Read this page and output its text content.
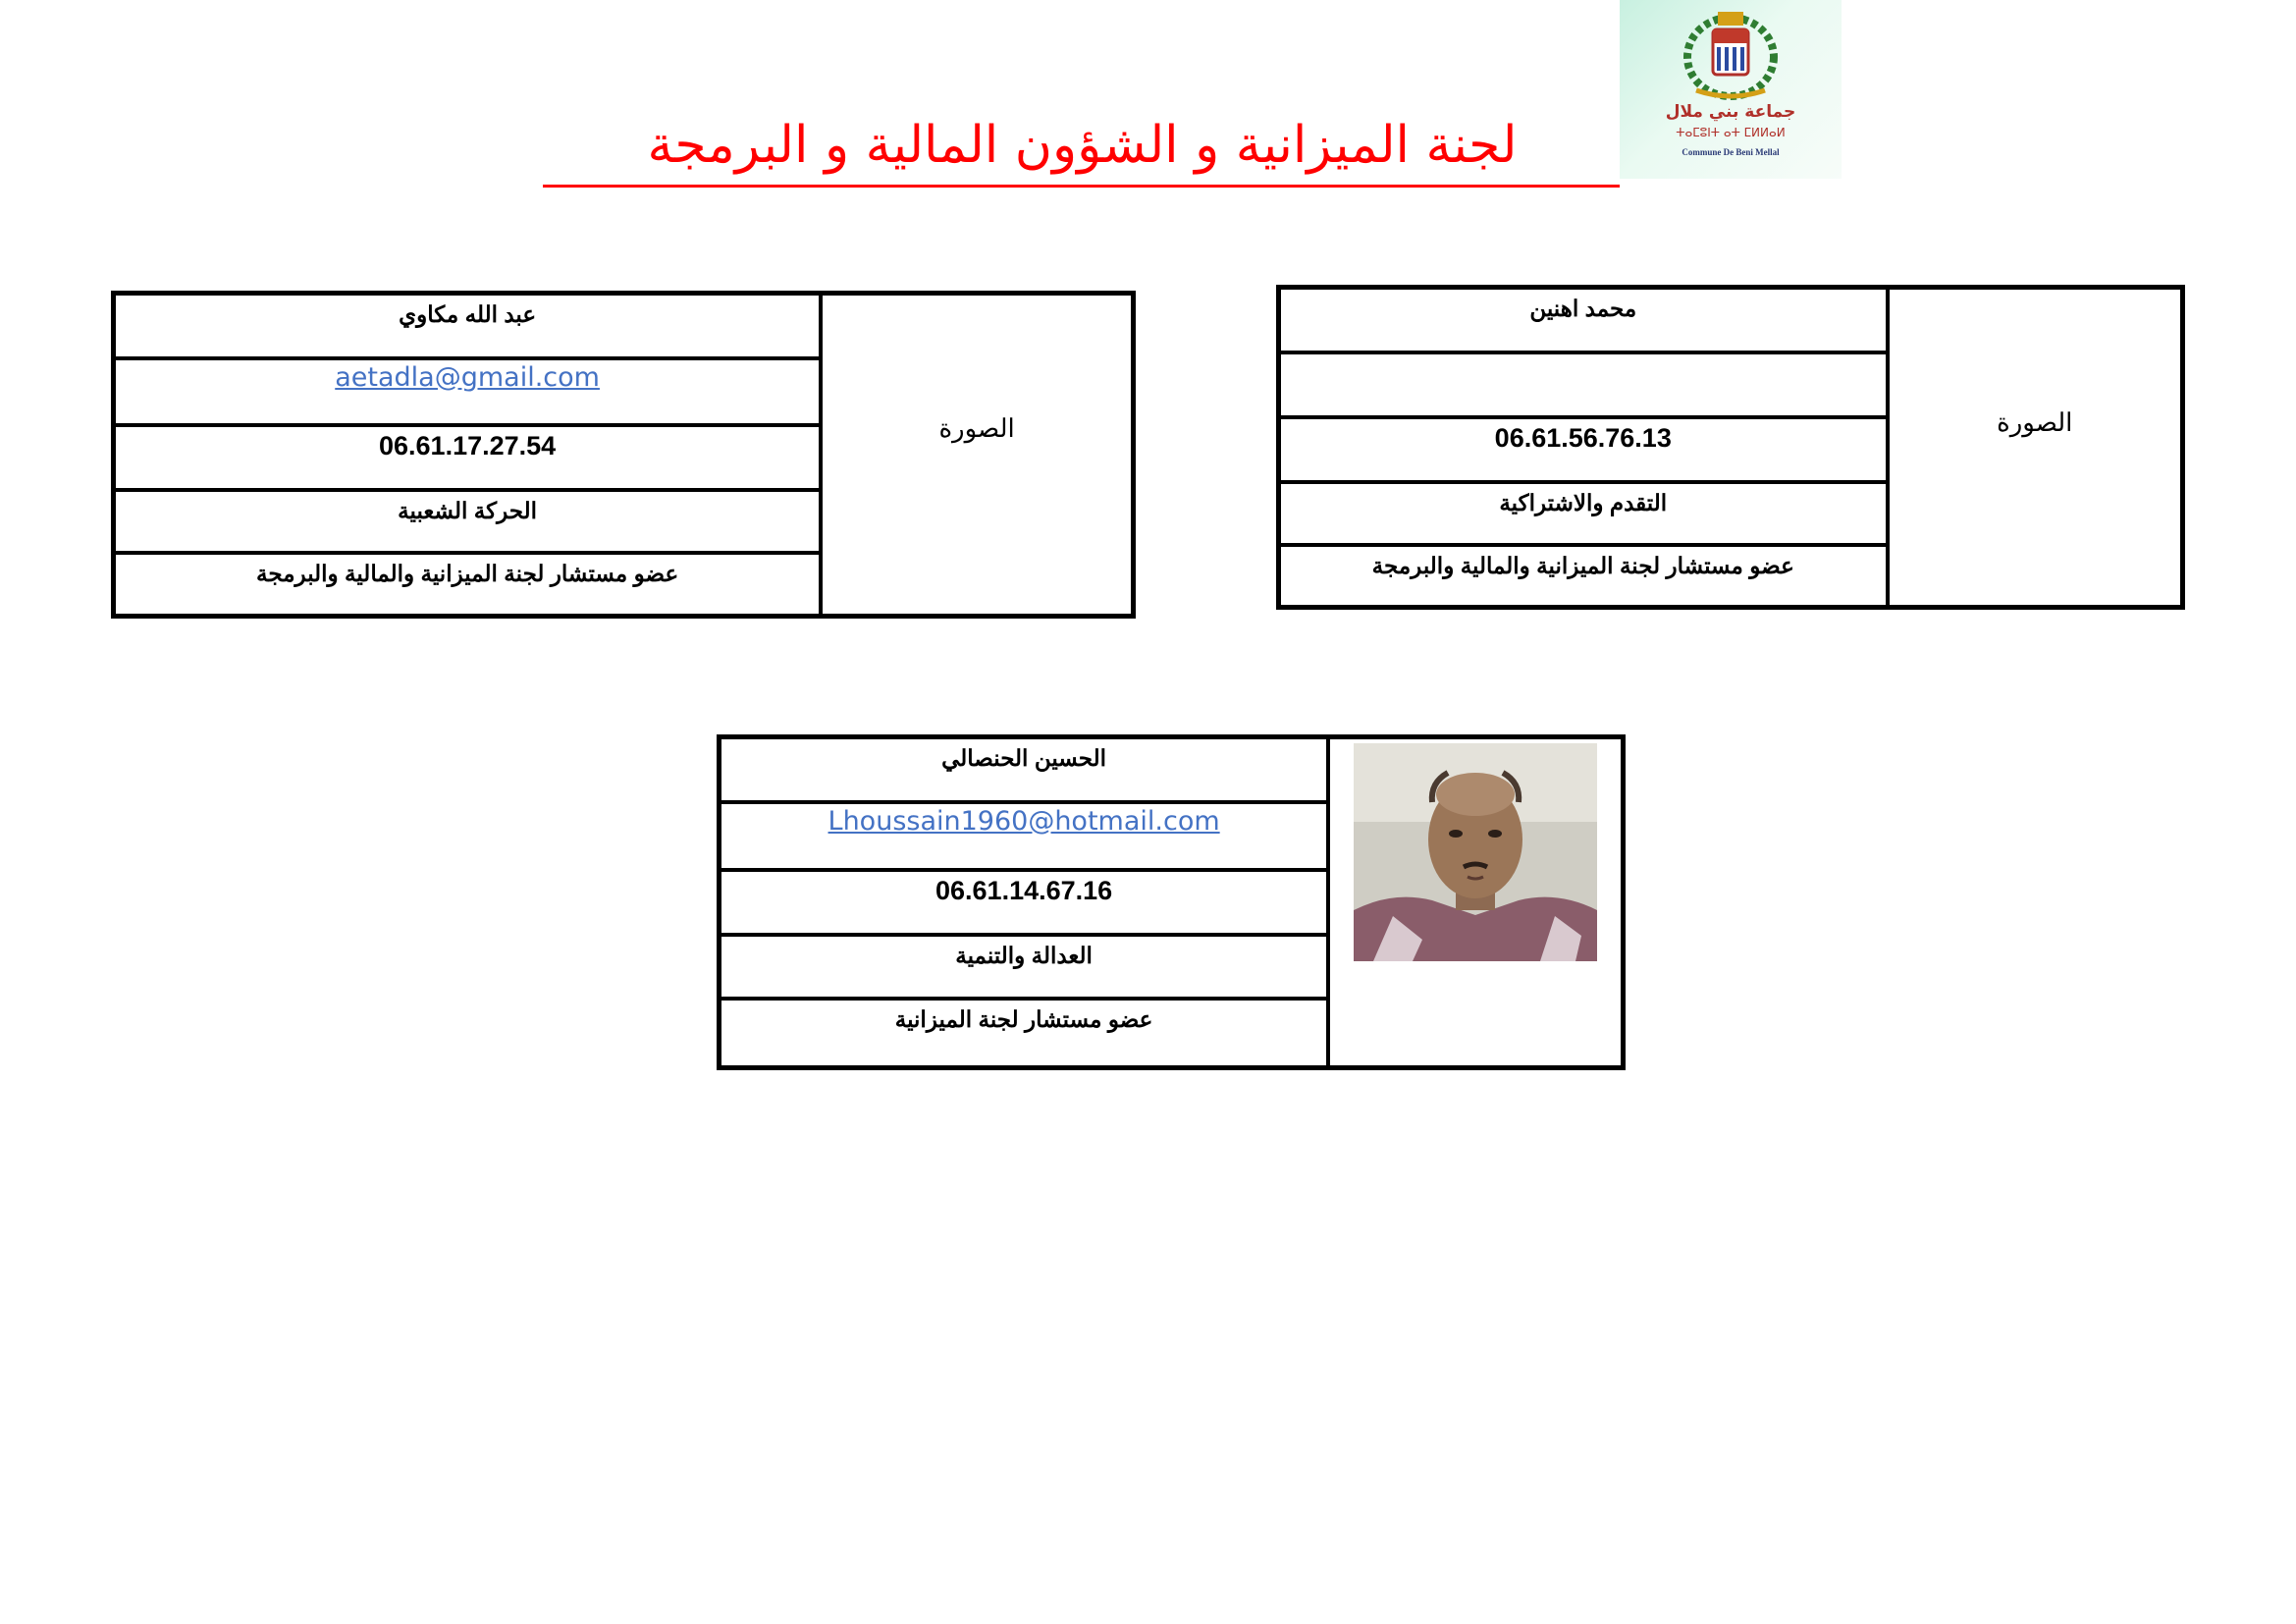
جماعة بني ملال
ⵜⴰⵎⵓⵏⵜ ⴰⵜ ⵎⵍⵍⴰⵍ
Commune De Beni Mellal
لجنة الميزانية و الشؤون المالية و البرمجة
محمد اهنين	
الصورة

06.61.56.76.13
التقدم والاشتراكية
عضو مستشار لجنة الميزانية والمالية والبرمجة
عبد الله مكاوي	
الصورة

aetadla@gmail.com
06.61.17.27.54
الحركة الشعبية
عضو مستشار لجنة الميزانية والمالية والبرمجة
الحسين الحنصالي	

Lhoussain1960@hotmail.com
06.61.14.67.16
العدالة والتنمية
عضو مستشار لجنة الميزانية
